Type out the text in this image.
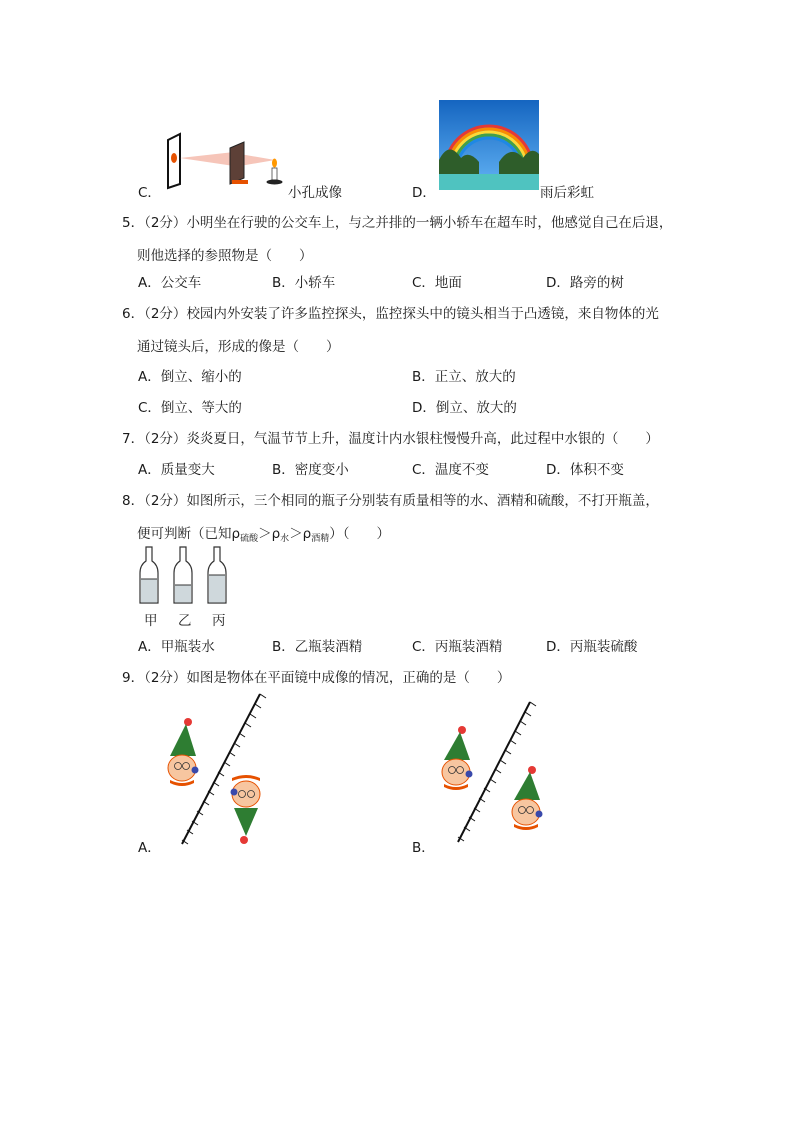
C．	小孔成像	D．	雨后彩虹
5．（2分）小明坐在行驶的公交车上，与之并排的一辆小轿车在超车时，他感觉自己在后退，
则他选择的参照物是（　　）
A．公交车	B．小轿车	C．地面	D．路旁的树
6．（2分）校园内外安装了许多监控探头，监控探头中的镜头相当于凸透镜，来自物体的光
通过镜头后，形成的像是（　　）
A．倒立、缩小的	B．正立、放大的
C．倒立、等大的	D．倒立、放大的
7．（2分）炎炎夏日，气温节节上升，温度计内水银柱慢慢升高，此过程中水银的（　　）
A．质量变大	B．密度变小	C．温度不变	D．体积不变
8．（2分）如图所示，三个相同的瓶子分别装有质量相等的水、酒精和硫酸，不打开瓶盖，
便可判断（已知$\rho_{硫酸}>\rho_水>\rho_{酒精}$）（　　）
甲 乙 丙
A．甲瓶装水	B．乙瓶装酒精	C．丙瓶装酒精	D．丙瓶装硫酸
9．（2分）如图是物体在平面镜中成像的情况，正确的是（　　）
A．	B．
